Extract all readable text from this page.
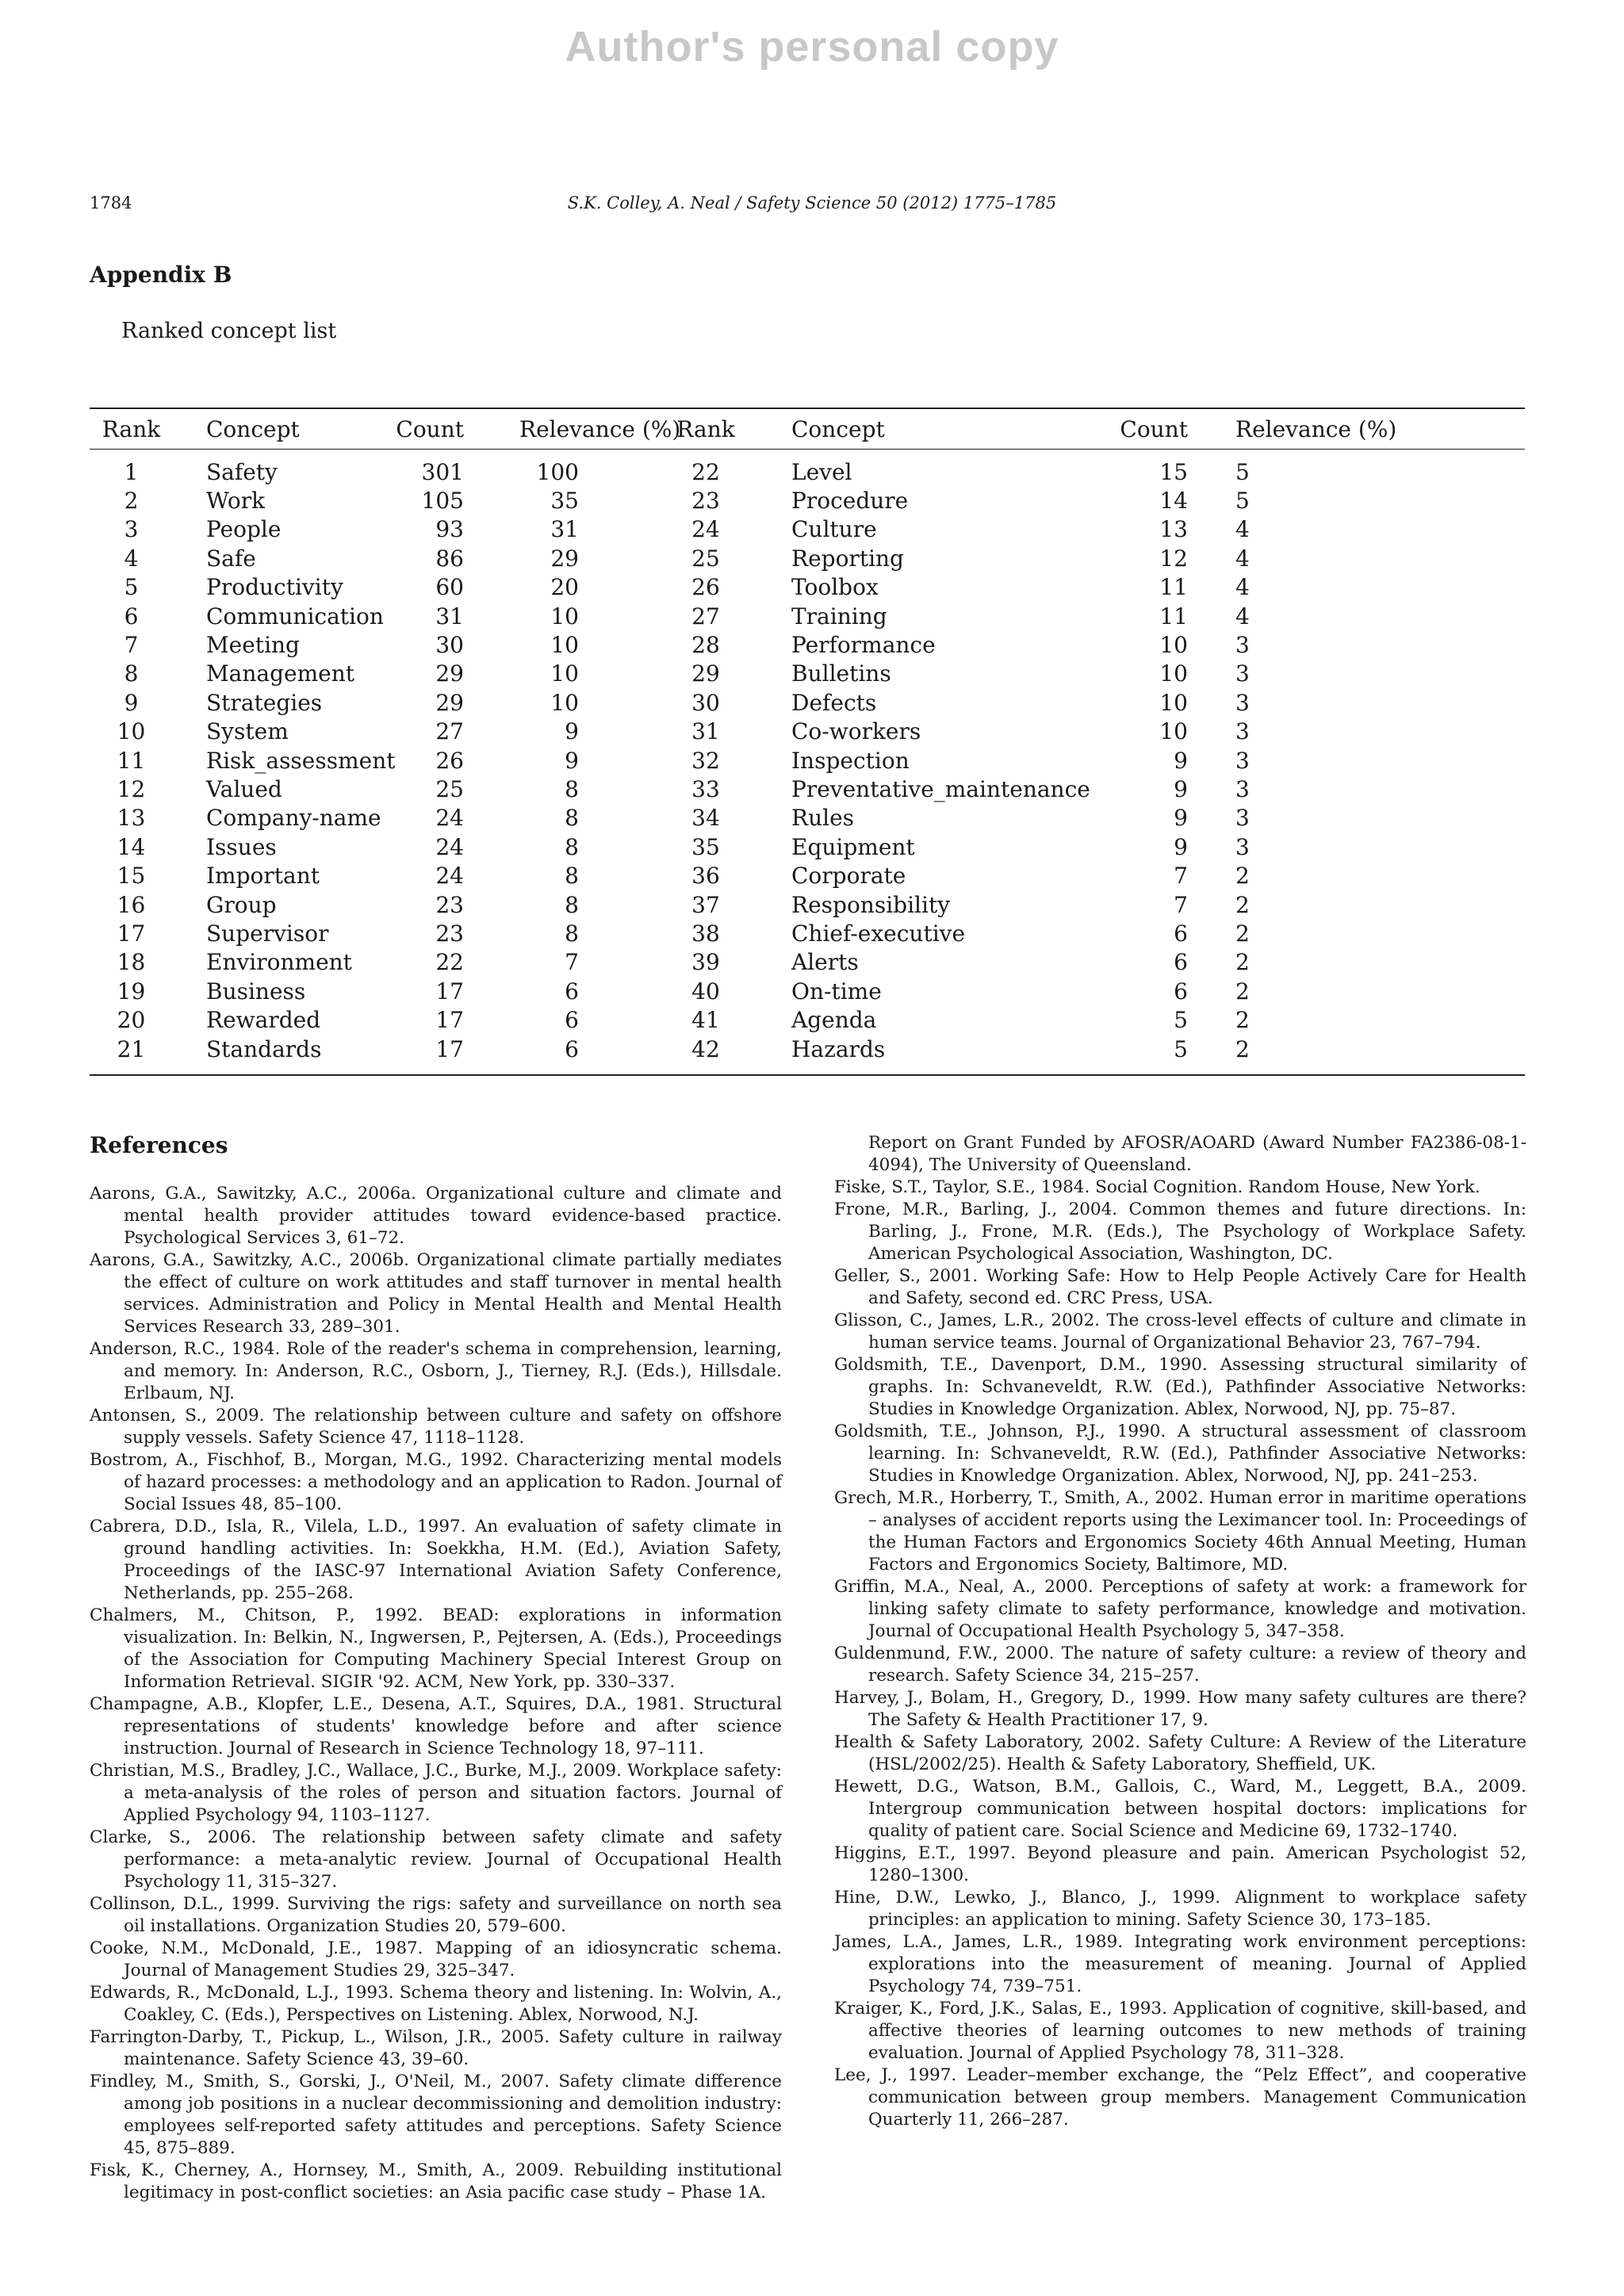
Author's personal copy
1784	S.K. Colley, A. Neal / Safety Science 50 (2012) 1775–1785
Appendix B
Ranked concept list
Rank	Concept	Count	Relevance (%)
Rank	Concept	Count	Relevance (%)
1	Safety	301	100	22	Level	15	5
2	Work	105	35	23	Procedure	14	5
3	People	93	31	24	Culture	13	4
4	Safe	86	29	25	Reporting	12	4
5	Productivity	60	20	26	Toolbox	11	4
6	Communication	31	10	27	Training	11	4
7	Meeting	30	10	28	Performance	10	3
8	Management	29	10	29	Bulletins	10	3
9	Strategies	29	10	30	Defects	10	3
10	System	27	9	31	Co-workers	10	3
11	Risk_assessment	26	9	32	Inspection	9	3
12	Valued	25	8	33	Preventative_maintenance	9	3
13	Company-name	24	8	34	Rules	9	3
14	Issues	24	8	35	Equipment	9	3
15	Important	24	8	36	Corporate	7	2
16	Group	23	8	37	Responsibility	7	2
17	Supervisor	23	8	38	Chief-executive	6	2
18	Environment	22	7	39	Alerts	6	2
19	Business	17	6	40	On-time	6	2
20	Rewarded	17	6	41	Agenda	5	2
21	Standards	17	6	42	Hazards	5	2
References

Aarons, G.A., Sawitzky, A.C., 2006a. Organizational culture and climate and mental health provider attitudes toward evidence-based practice. Psychological Services 3, 61–72.

Aarons, G.A., Sawitzky, A.C., 2006b. Organizational climate partially mediates the effect of culture on work attitudes and staff turnover in mental health services. Administration and Policy in Mental Health and Mental Health Services Research 33, 289–301.

Anderson, R.C., 1984. Role of the reader's schema in comprehension, learning, and memory. In: Anderson, R.C., Osborn, J., Tierney, R.J. (Eds.), Hillsdale. Erlbaum, NJ.

Antonsen, S., 2009. The relationship between culture and safety on offshore supply vessels. Safety Science 47, 1118–1128.

Bostrom, A., Fischhof, B., Morgan, M.G., 1992. Characterizing mental models of hazard processes: a methodology and an application to Radon. Journal of Social Issues 48, 85–100.

Cabrera, D.D., Isla, R., Vilela, L.D., 1997. An evaluation of safety climate in ground handling activities. In: Soekkha, H.M. (Ed.), Aviation Safety, Proceedings of the IASC-97 International Aviation Safety Conference, Netherlands, pp. 255–268.

Chalmers, M., Chitson, P., 1992. BEAD: explorations in information visualization. In: Belkin, N., Ingwersen, P., Pejtersen, A. (Eds.), Proceedings of the Association for Computing Machinery Special Interest Group on Information Retrieval. SIGIR '92. ACM, New York, pp. 330–337.

Champagne, A.B., Klopfer, L.E., Desena, A.T., Squires, D.A., 1981. Structural representations of students' knowledge before and after science instruction. Journal of Research in Science Technology 18, 97–111.

Christian, M.S., Bradley, J.C., Wallace, J.C., Burke, M.J., 2009. Workplace safety: a meta-analysis of the roles of person and situation factors. Journal of Applied Psychology 94, 1103–1127.

Clarke, S., 2006. The relationship between safety climate and safety performance: a meta-analytic review. Journal of Occupational Health Psychology 11, 315–327.

Collinson, D.L., 1999. Surviving the rigs: safety and surveillance on north sea oil installations. Organization Studies 20, 579–600.

Cooke, N.M., McDonald, J.E., 1987. Mapping of an idiosyncratic schema. Journal of Management Studies 29, 325–347.

Edwards, R., McDonald, L.J., 1993. Schema theory and listening. In: Wolvin, A., Coakley, C. (Eds.), Perspectives on Listening. Ablex, Norwood, N.J.

Farrington-Darby, T., Pickup, L., Wilson, J.R., 2005. Safety culture in railway maintenance. Safety Science 43, 39–60.

Findley, M., Smith, S., Gorski, J., O'Neil, M., 2007. Safety climate difference among job positions in a nuclear decommissioning and demolition industry: employees self-reported safety attitudes and perceptions. Safety Science 45, 875–889.

Fisk, K., Cherney, A., Hornsey, M., Smith, A., 2009. Rebuilding institutional legitimacy in post-conflict societies: an Asia pacific case study – Phase 1A.

Report on Grant Funded by AFOSR/AOARD (Award Number FA2386-08-1-4094), The University of Queensland.

Fiske, S.T., Taylor, S.E., 1984. Social Cognition. Random House, New York.

Frone, M.R., Barling, J., 2004. Common themes and future directions. In: Barling, J., Frone, M.R. (Eds.), The Psychology of Workplace Safety. American Psychological Association, Washington, DC.

Geller, S., 2001. Working Safe: How to Help People Actively Care for Health and Safety, second ed. CRC Press, USA.

Glisson, C., James, L.R., 2002. The cross-level effects of culture and climate in human service teams. Journal of Organizational Behavior 23, 767–794.

Goldsmith, T.E., Davenport, D.M., 1990. Assessing structural similarity of graphs. In: Schvaneveldt, R.W. (Ed.), Pathfinder Associative Networks: Studies in Knowledge Organization. Ablex, Norwood, NJ, pp. 75–87.

Goldsmith, T.E., Johnson, P.J., 1990. A structural assessment of classroom learning. In: Schvaneveldt, R.W. (Ed.), Pathfinder Associative Networks: Studies in Knowledge Organization. Ablex, Norwood, NJ, pp. 241–253.

Grech, M.R., Horberry, T., Smith, A., 2002. Human error in maritime operations – analyses of accident reports using the Leximancer tool. In: Proceedings of the Human Factors and Ergonomics Society 46th Annual Meeting, Human Factors and Ergonomics Society, Baltimore, MD.

Griffin, M.A., Neal, A., 2000. Perceptions of safety at work: a framework for linking safety climate to safety performance, knowledge and motivation. Journal of Occupational Health Psychology 5, 347–358.

Guldenmund, F.W., 2000. The nature of safety culture: a review of theory and research. Safety Science 34, 215–257.

Harvey, J., Bolam, H., Gregory, D., 1999. How many safety cultures are there? The Safety & Health Practitioner 17, 9.

Health & Safety Laboratory, 2002. Safety Culture: A Review of the Literature (HSL/2002/25). Health & Safety Laboratory, Sheffield, UK.

Hewett, D.G., Watson, B.M., Gallois, C., Ward, M., Leggett, B.A., 2009. Intergroup communication between hospital doctors: implications for quality of patient care. Social Science and Medicine 69, 1732–1740.

Higgins, E.T., 1997. Beyond pleasure and pain. American Psychologist 52, 1280–1300.

Hine, D.W., Lewko, J., Blanco, J., 1999. Alignment to workplace safety principles: an application to mining. Safety Science 30, 173–185.

James, L.A., James, L.R., 1989. Integrating work environment perceptions: explorations into the measurement of meaning. Journal of Applied Psychology 74, 739–751.

Kraiger, K., Ford, J.K., Salas, E., 1993. Application of cognitive, skill-based, and affective theories of learning outcomes to new methods of training evaluation. Journal of Applied Psychology 78, 311–328.

Lee, J., 1997. Leader–member exchange, the “Pelz Effect”, and cooperative communication between group members. Management Communication Quarterly 11, 266–287.
